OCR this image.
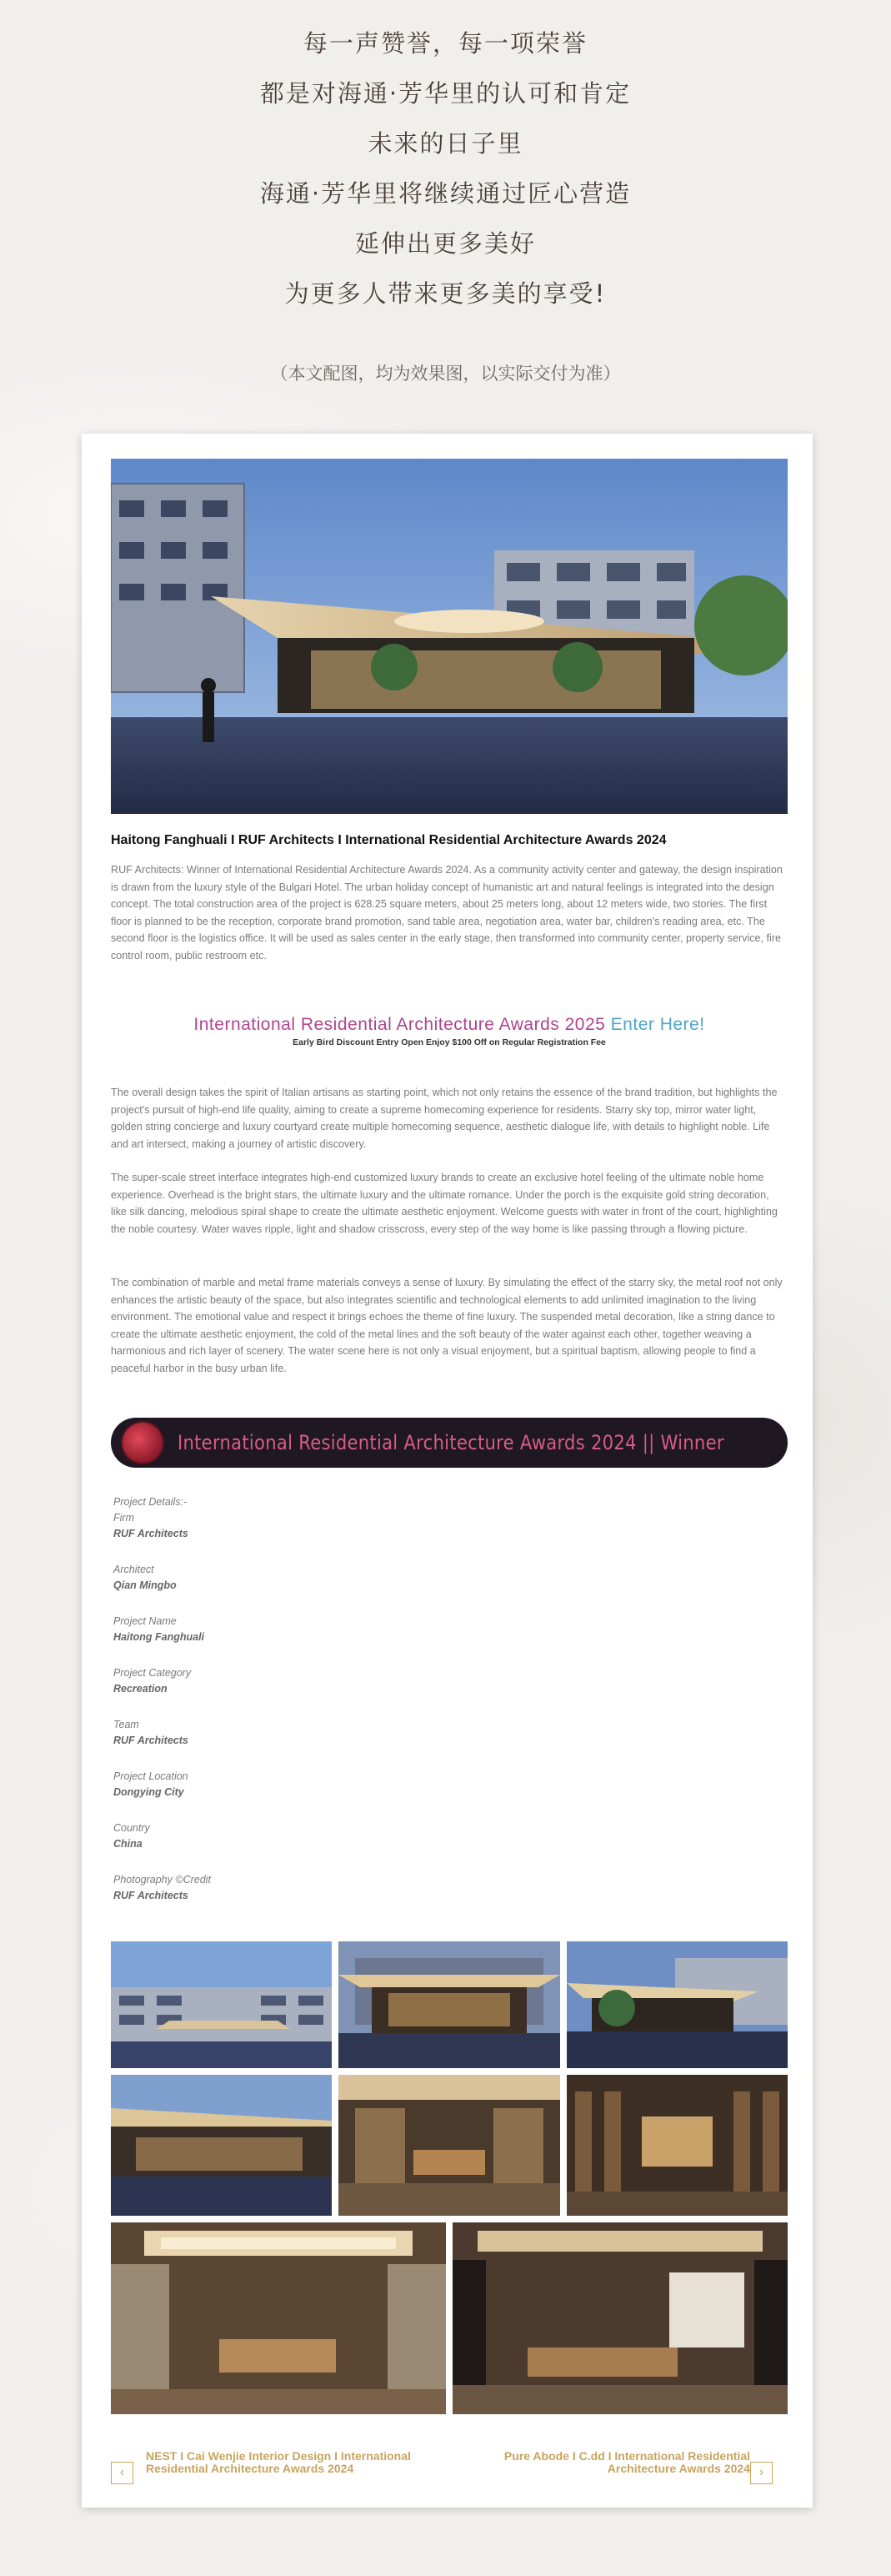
每一声赞誉，每一项荣誉
都是对海通·芳华里的认可和肯定
未来的日子里
海通·芳华里将继续通过匠心营造
延伸出更多美好
为更多人带来更多美的享受!
（本文配图，均为效果图，以实际交付为准）
Haitong Fanghuali I RUF Architects I International Residential Architecture Awards 2024
RUF Architects: Winner of International Residential Architecture Awards 2024. As a community activity center and gateway, the design inspiration is drawn from the luxury style of the Bulgari Hotel. The urban holiday concept of humanistic art and natural feelings is integrated into the design concept. The total construction area of the project is 628.25 square meters, about 25 meters long, about 12 meters wide, two stories. The first floor is planned to be the reception, corporate brand promotion, sand table area, negotiation area, water bar, children's reading area, etc. The second floor is the logistics office. It will be used as sales center in the early stage, then transformed into community center, property service, fire control room, public restroom etc.
International Residential Architecture Awards 2025 Enter Here!
Early Bird Discount Entry Open Enjoy $100 Off on Regular Registration Fee
The overall design takes the spirit of Italian artisans as starting point, which not only retains the essence of the brand tradition, but highlights the project's pursuit of high-end life quality, aiming to create a supreme homecoming experience for residents. Starry sky top, mirror water light, golden string concierge and luxury courtyard create multiple homecoming sequence, aesthetic dialogue life, with details to highlight noble. Life and art intersect, making a journey of artistic discovery.
The super-scale street interface integrates high-end customized luxury brands to create an exclusive hotel feeling of the ultimate noble home experience. Overhead is the bright stars, the ultimate luxury and the ultimate romance. Under the porch is the exquisite gold string decoration, like silk dancing, melodious spiral shape to create the ultimate aesthetic enjoyment. Welcome guests with water in front of the court, highlighting the noble courtesy. Water waves ripple, light and shadow crisscross, every step of the way home is like passing through a flowing picture.
The combination of marble and metal frame materials conveys a sense of luxury. By simulating the effect of the starry sky, the metal roof not only enhances the artistic beauty of the space, but also integrates scientific and technological elements to add unlimited imagination to the living environment. The emotional value and respect it brings echoes the theme of fine luxury. The suspended metal decoration, like a string dance to create the ultimate aesthetic enjoyment, the cold of the metal lines and the soft beauty of the water against each other, together weaving a harmonious and rich layer of scenery. The water scene here is not only a visual enjoyment, but a spiritual baptism, allowing people to find a peaceful harbor in the busy urban life.
International Residential Architecture Awards 2024 || Winner
Project Details:-
Firm
RUF Architects
Architect
Qian Mingbo
Project Name
Haitong Fanghuali
Project Category
Recreation
Team
RUF Architects
Project Location
Dongying City
Country
China
Photography ©Credit
RUF Architects
‹
NEST I Cai Wenjie Interior Design I International Residential Architecture Awards 2024
Pure Abode I C.dd I International Residential Architecture Awards 2024 ›
